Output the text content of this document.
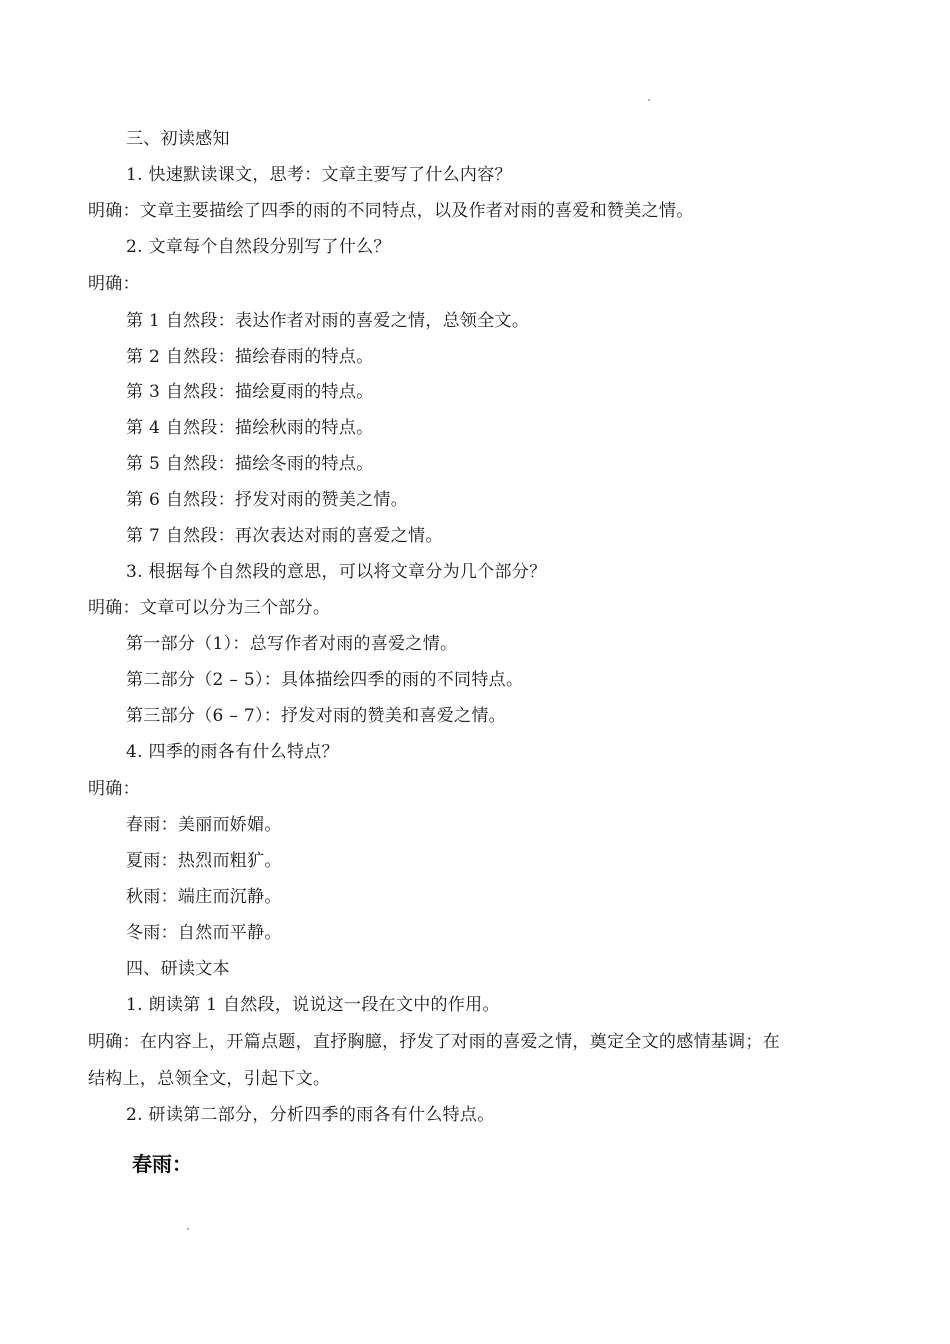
三、初读感知
1. 快速默读课文，思考：文章主要写了什么内容？
明确：文章主要描绘了四季的雨的不同特点，以及作者对雨的喜爱和赞美之情。
2. 文章每个自然段分别写了什么？
明确：
第 1 自然段：表达作者对雨的喜爱之情，总领全文。
第 2 自然段：描绘春雨的特点。
第 3 自然段：描绘夏雨的特点。
第 4 自然段：描绘秋雨的特点。
第 5 自然段：描绘冬雨的特点。
第 6 自然段：抒发对雨的赞美之情。
第 7 自然段：再次表达对雨的喜爱之情。
3. 根据每个自然段的意思，可以将文章分为几个部分？
明确：文章可以分为三个部分。
第一部分（1）：总写作者对雨的喜爱之情。
第二部分（2 – 5）：具体描绘四季的雨的不同特点。
第三部分（6 – 7）：抒发对雨的赞美和喜爱之情。
4. 四季的雨各有什么特点？
明确：
春雨：美丽而娇媚。
夏雨：热烈而粗犷。
秋雨：端庄而沉静。
冬雨：自然而平静。
四、研读文本
1. 朗读第 1 自然段，说说这一段在文中的作用。
明确：在内容上，开篇点题，直抒胸臆，抒发了对雨的喜爱之情，奠定全文的感情基调；在
结构上，总领全文，引起下文。
2. 研读第二部分，分析四季的雨各有什么特点。
春雨：
